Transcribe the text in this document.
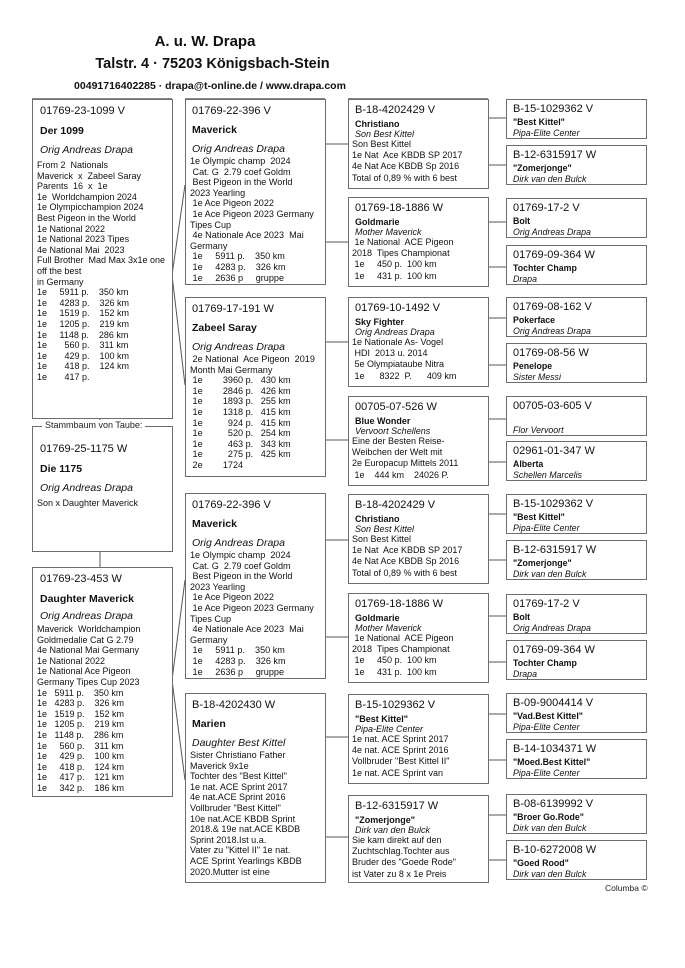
A. u. W. Drapa
Talstr. 4 · 75203 Königsbach-Stein
00491716402285 · drapa@t-online.de / www.drapa.com
01769-23-1099 V
Der 1099
Orig Andreas Drapa
From 2  Nationals
Maverick  x  Zabeel Saray
Parents  16  x  1e
1e  Worldchampion 2024
1e Olympicchampion 2024
Best Pigeon in the World
1e National 2022
1e National 2023 Tipes
4e National Mai  2023
Full Brother  Mad Max 3x1e one
off the best
in Germany
1e     5911 p.    350 km
1e     4283 p.    326 km
1e     1519 p.    152 km
1e     1205 p.    219 km
1e     1148 p.    286 km
1e       560 p.    311 km
1e       429 p.    100 km
1e       418 p.    124 km
1e       417 p.
01769-25-1175 W
Die 1175
Orig Andreas Drapa
Son x Daughter Maverick
Stammbaum von Taube:
01769-23-453 W
Daughter Maverick
Orig Andreas Drapa
Maverick  Worldchampion
Goldmedalie Cat G 2.79
4e National Mai Germany
1e National 2022
1e National Ace Pigeon
Germany Tipes Cup 2023
1e   5911 p.    350 km
1e   4283 p.    326 km
1e   1519 p.    152 km
1e   1205 p.    219 km
1e   1148 p.    286 km
1e     560 p.    311 km
1e     429 p.    100 km
1e     418 p.    124 km
1e     417 p.    121 km
1e     342 p.    186 km
01769-22-396 V
Maverick
Orig Andreas Drapa
1e Olympic champ  2024
Cat. G  2.79 coef Goldm
Best Pigeon in the World
2023 Yearling
1e Ace Pigeon 2022
1e Ace Pigeon 2023 Germany
Tipes Cup
4e Nationale Ace 2023  Mai
Germany
1e     5911 p.    350 km
1e     4283 p.    326 km
1e     2636 p     gruppe
01769-17-191 W
Zabeel Saray
Orig Andreas Drapa
2e National  Ace Pigeon  2019
Month Mai Germany
1e        3960 p.   430 km
1e        2846 p.   426 km
1e        1893 p.   255 km
1e        1318 p.   415 km
1e          924 p.   415 km
1e          520 p.   254 km
1e          463 p.   343 km
1e          275 p.   425 km
2e        1724
01769-22-396 V
Maverick
Orig Andreas Drapa
1e Olympic champ  2024
Cat. G  2.79 coef Goldm
Best Pigeon in the World
2023 Yearling
1e Ace Pigeon 2022
1e Ace Pigeon 2023 Germany
Tipes Cup
4e Nationale Ace 2023  Mai
Germany
1e     5911 p.    350 km
1e     4283 p.    326 km
1e     2636 p     gruppe
B-18-4202430 W
Marien
Daughter Best Kittel
Sister Christiano Father
Maverick 9x1e
Tochter des "Best Kittel"
1e nat. ACE Sprint 2017
4e nat.ACE Sprint 2016
Vollbruder "Best Kittel"
10e nat.ACE KBDB Sprint
2018.& 19e nat.ACE KBDB
Sprint 2018.Ist u.a.
Vater zu "Kittel II" 1e nat.
ACE Sprint Yearlings KBDB
2020.Mutter ist eine
B-18-4202429 V
Christiano
Son Best Kittel
Son Best Kittel
1e Nat  Ace KBDB SP 2017
4e Nat Ace KBDB Sp 2016
Total of 0,89 % with 6 best
01769-18-1886 W
Goldmarie
Mother Maverick
1e National  ACE Pigeon
2018  Tipes Championat
1e     450 p.  100 km
1e     431 p.  100 km
01769-10-1492 V
Sky Fighter
Orig Andreas Drapa
1e Nationale As- Vogel
HDI  2013 u. 2014
5e Olympiataube Nitra
1e      8322  P.      409 km
00705-07-526 W
Blue Wonder
Vervoort Schellens
Eine der Besten Reise-
Weibchen der Welt mit
2e Europacup Mittels 2011
1e    444 km    24026 P.
B-18-4202429 V
Christiano
Son Best Kittel
Son Best Kittel
1e Nat  Ace KBDB SP 2017
4e Nat Ace KBDB Sp 2016
Total of 0,89 % with 6 best
01769-18-1886 W
Goldmarie
Mother Maverick
1e National  ACE Pigeon
2018  Tipes Championat
1e     450 p.  100 km
1e     431 p.  100 km
B-15-1029362 V
"Best Kittel"
Pipa-Elite Center
1e nat. ACE Sprint 2017
4e nat. ACE Sprint 2016
Vollbruder "Best Kittel II"
1e nat. ACE Sprint van
B-12-6315917 W
"Zomerjonge"
Dirk van den Bulck
Sie kam direkt auf den
Zuchtschlag.Tochter aus
Bruder des "Goede Rode"
ist Vater zu 8 x 1e Preis
B-15-1029362 V
"Best Kittel"
Pipa-Elite Center
B-12-6315917 W
"Zomerjonge"
Dirk van den Bulck
01769-17-2 V
Bolt
Orig Andreas Drapa
01769-09-364 W
Tochter Champ
Drapa
01769-08-162 V
Pokerface
Orig Andreas Drapa
01769-08-56 W
Penelope
Sister Messi
00705-03-605 V
Flor Vervoort
02961-01-347 W
Alberta
Schellen Marcelis
B-15-1029362 V
"Best Kittel"
Pipa-Elite Center
B-12-6315917 W
"Zomerjonge"
Dirk van den Bulck
01769-17-2 V
Bolt
Orig Andreas Drapa
01769-09-364 W
Tochter Champ
Drapa
B-09-9004414 V
"Vad.Best Kittel"
Pipa-Elite Center
B-14-1034371 W
"Moed.Best Kittel"
Pipa-Elite Center
B-08-6139992 V
"Broer Go.Rode"
Dirk van den Bulck
B-10-6272008 W
"Goed Rood"
Dirk van den Bulck
Columba ©
